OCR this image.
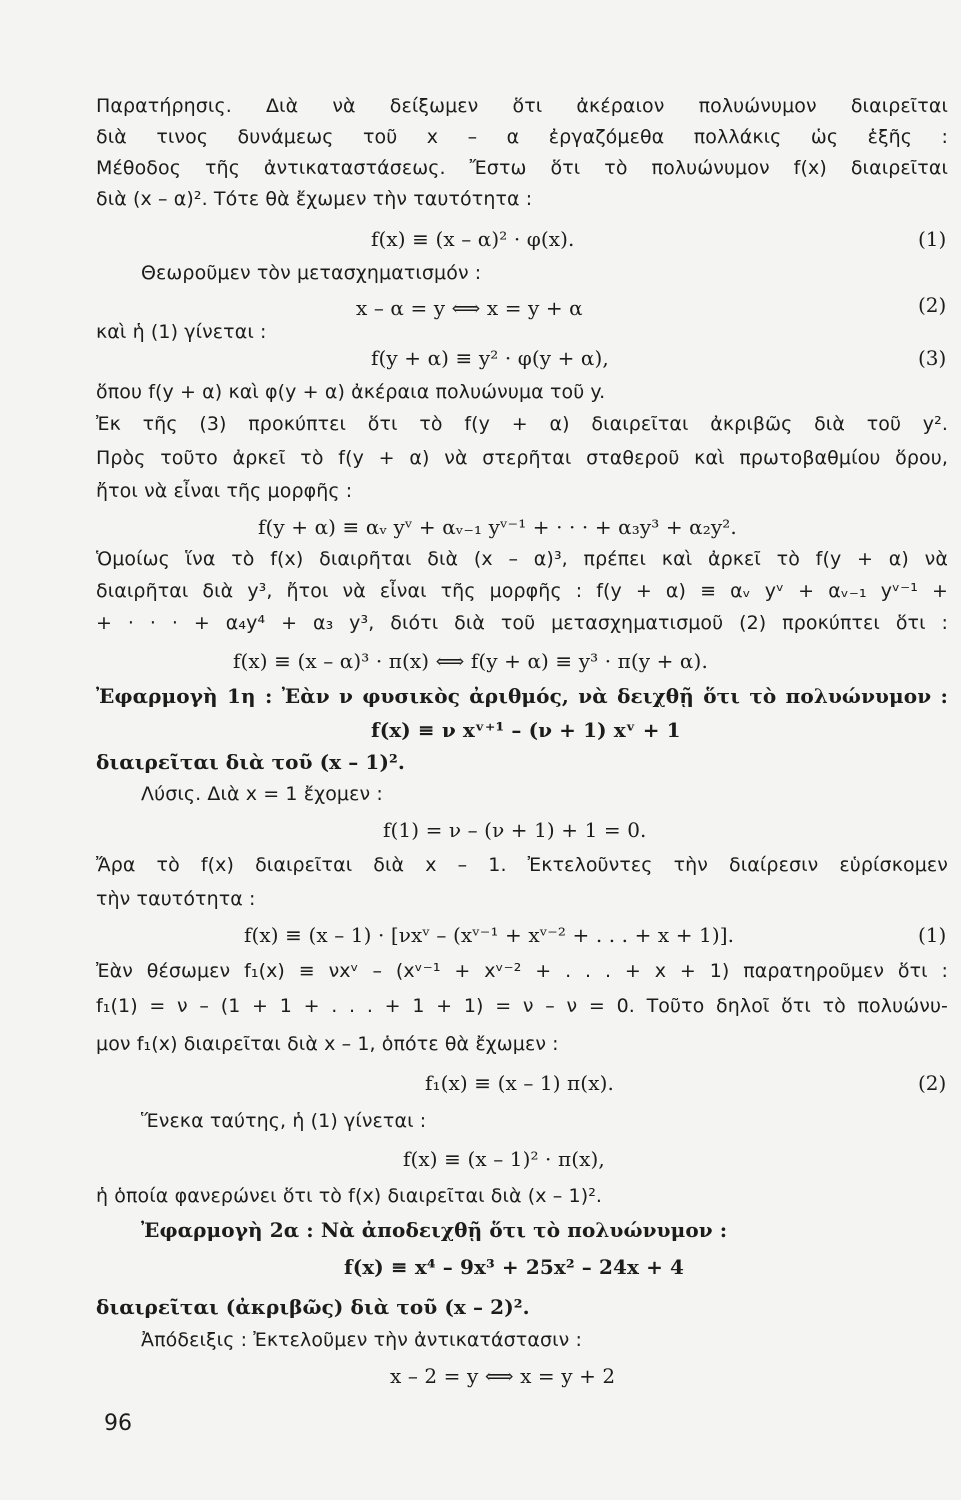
Παρατήρησις. Διὰ νὰ δείξωμεν ὅτι ἀκέραιον πολυώνυμον διαιρεῖται
διὰ τινος δυνάμεως τοῦ x – α ἐργαζόμεθα πολλάκις ὡς ἑξῆς :
Μέθοδος τῆς ἀντικαταστάσεως. Ἔστω ὅτι τὸ πολυώνυμον f(x) διαιρεῖται
διὰ (x – α)². Τότε θὰ ἔχωμεν τὴν ταυτότητα :
f(x) ≡ (x – α)² · φ(x).	(1)
Θεωροῦμεν τὸν μετασχηματισμόν :
x – α = y ⟺ x = y + α	(2)
καὶ ἡ (1) γίνεται :
f(y + α) ≡ y² · φ(y + α),	(3)
ὅπου f(y + α) καὶ φ(y + α) ἀκέραια πολυώνυμα τοῦ y.
Ἐκ τῆς (3) προκύπτει ὅτι τὸ f(y + α) διαιρεῖται ἀκριβῶς διὰ τοῦ y².
Πρὸς τοῦτο ἀρκεῖ τὸ f(y + α) νὰ στερῆται σταθεροῦ καὶ πρωτοβαθμίου ὅρου,
ἤτοι νὰ εἶναι τῆς μορφῆς :
f(y + α) ≡ αᵥ yᵛ + αᵥ₋₁ yᵛ⁻¹ + · · · + α₃y³ + α₂y².
Ὁμοίως ἵνα τὸ f(x) διαιρῆται διὰ (x – α)³, πρέπει καὶ ἀρκεῖ τὸ f(y + α) νὰ
διαιρῆται διὰ y³, ἤτοι νὰ εἶναι τῆς μορφῆς : f(y + α) ≡ αᵥ yᵛ + αᵥ₋₁ yᵛ⁻¹ +
+ · · · + α₄y⁴ + α₃ y³, διότι διὰ τοῦ μετασχηματισμοῦ (2) προκύπτει ὅτι :
f(x) ≡ (x – α)³ · π(x) ⟺ f(y + α) ≡ y³ · π(y + α).
Ἐφαρμογὴ 1η : Ἐὰν ν φυσικὸς ἀριθμός, νὰ δειχθῇ ὅτι τὸ πολυώνυμον :
f(x) ≡ ν xᵛ⁺¹ – (ν + 1) xᵛ + 1
διαιρεῖται διὰ τοῦ (x – 1)².
Λύσις. Διὰ x = 1 ἔχομεν :
f(1) = ν – (ν + 1) + 1 = 0.
Ἄρα τὸ f(x) διαιρεῖται διὰ x – 1. Ἐκτελοῦντες τὴν διαίρεσιν εὑρίσκομεν
τὴν ταυτότητα :
f(x) ≡ (x – 1) · [νxᵛ – (xᵛ⁻¹ + xᵛ⁻² + . . . + x + 1)].	(1)
Ἐὰν θέσωμεν f₁(x) ≡ νxᵛ – (xᵛ⁻¹ + xᵛ⁻² + . . . + x + 1) παρατηροῦμεν ὅτι :
f₁(1) = ν – (1 + 1 + . . . + 1 + 1) = ν – ν = 0. Τοῦτο δηλοῖ ὅτι τὸ πολυώνυ-
μον f₁(x) διαιρεῖται διὰ x – 1, ὁπότε θὰ ἔχωμεν :
f₁(x) ≡ (x – 1) π(x).	(2)
Ἕνεκα ταύτης, ἡ (1) γίνεται :
f(x) ≡ (x – 1)² · π(x),
ἡ ὁποία φανερώνει ὅτι τὸ f(x) διαιρεῖται διὰ (x – 1)².
Ἐφαρμογὴ 2α : Νὰ ἀποδειχθῇ ὅτι τὸ πολυώνυμον :
f(x) ≡ x⁴ – 9x³ + 25x² – 24x + 4
διαιρεῖται (ἀκριβῶς) διὰ τοῦ (x – 2)².
Ἀπόδειξις : Ἐκτελοῦμεν τὴν ἀντικατάστασιν :
x – 2 = y ⟺ x = y + 2
96
